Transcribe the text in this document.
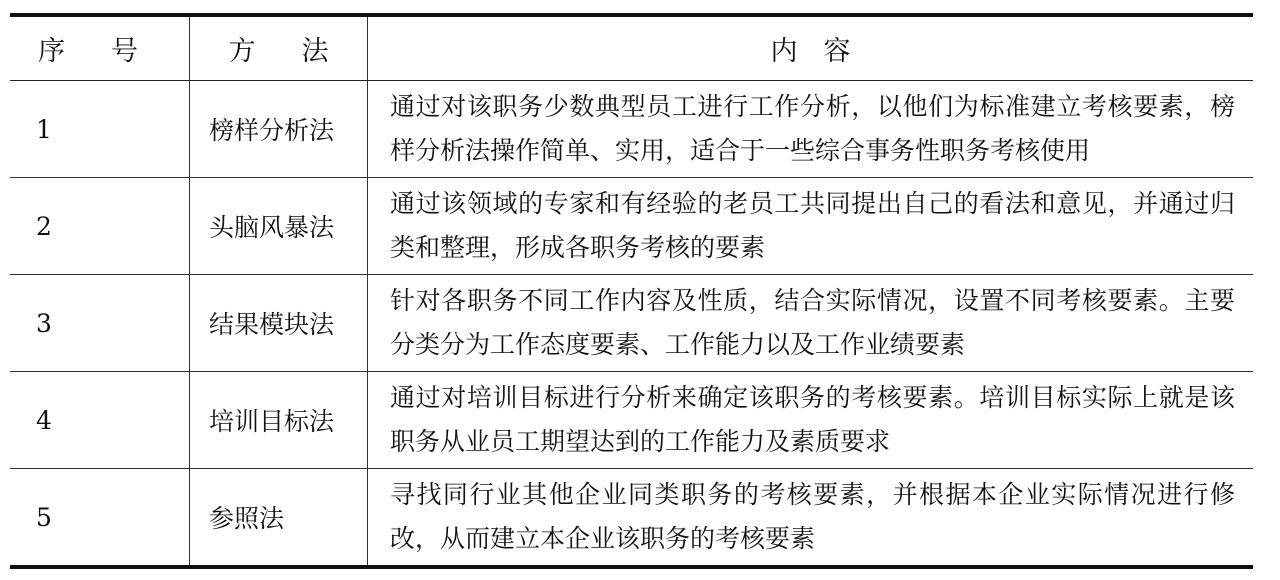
序 号	方 法	内 容
1	榜样分析法	通过对该职务少数典型员工进行工作分析，以他们为标准建立考核要素，榜样分析法操作简单、实用，适合于一些综合事务性职务考核使用
2	头脑风暴法	通过该领域的专家和有经验的老员工共同提出自己的看法和意见，并通过归类和整理，形成各职务考核的要素
3	结果模块法	针对各职务不同工作内容及性质，结合实际情况，设置不同考核要素。主要分类分为工作态度要素、工作能力以及工作业绩要素
4	培训目标法	通过对培训目标进行分析来确定该职务的考核要素。培训目标实际上就是该职务从业员工期望达到的工作能力及素质要求
5	参照法	寻找同行业其他企业同类职务的考核要素，并根据本企业实际情况进行修改，从而建立本企业该职务的考核要素
